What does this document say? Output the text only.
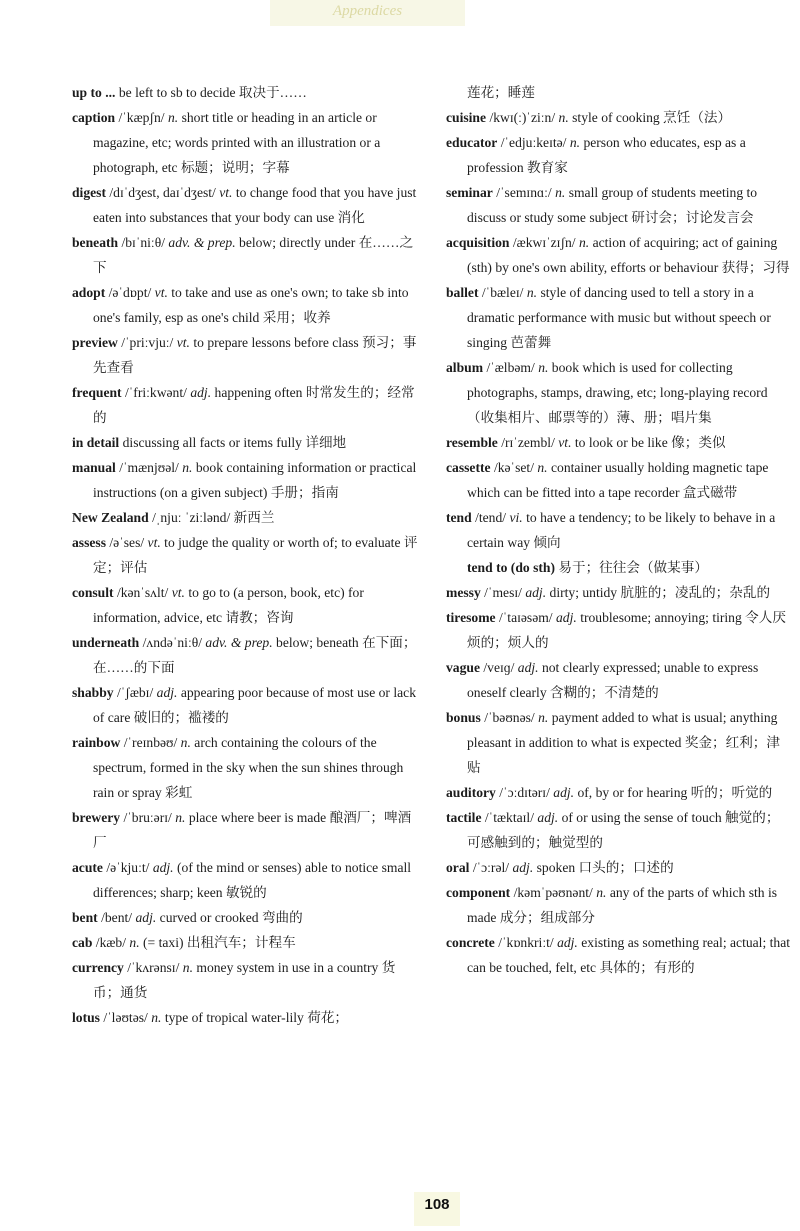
Appendices
up to ... be left to sb to decide 取决于……
caption /ˈkæpʃn/ n. short title or heading in an article or magazine, etc; words printed with an illustration or a photograph, etc 标题；说明；字幕
digest /dɪˈdʒest, daɪˈdʒest/ vt. to change food that you have just eaten into substances that your body can use 消化
beneath /bɪˈniːθ/ adv. & prep. below; directly under 在……之下
adopt /əˈdɒpt/ vt. to take and use as one's own; to take sb into one's family, esp as one's child 采用；收养
preview /ˈpriːvjuː/ vt. to prepare lessons before class 预习；事先查看
frequent /ˈfriːkwənt/ adj. happening often 时常发生的；经常的
in detail discussing all facts or items fully 详细地
manual /ˈmænjʊəl/ n. book containing information or practical instructions (on a given subject) 手册；指南
New Zealand /ˌnjuː ˈziːlənd/ 新西兰
assess /əˈses/ vt. to judge the quality or worth of; to evaluate 评定；评估
consult /kənˈsʌlt/ vt. to go to (a person, book, etc) for information, advice, etc 请教；咨询
underneath /ʌndəˈniːθ/ adv. & prep. below; beneath 在下面；在……的下面
shabby /ˈʃæbɪ/ adj. appearing poor because of most use or lack of care 破旧的；褴褛的
rainbow /ˈreɪnbəʊ/ n. arch containing the colours of the spectrum, formed in the sky when the sun shines through rain or spray 彩虹
brewery /ˈbruːərɪ/ n. place where beer is made 酿酒厂；啤酒厂
acute /əˈkjuːt/ adj. (of the mind or senses) able to notice small differences; sharp; keen 敏锐的
bent /bent/ adj. curved or crooked 弯曲的
cab /kæb/ n. (= taxi) 出租汽车；计程车
currency /ˈkʌrənsɪ/ n. money system in use in a country 货币；通货
lotus /ˈləʊtəs/ n. type of tropical water-lily 荷花；
莲花；睡莲
cuisine /kwɪ(ː)ˈziːn/ n. style of cooking 烹饪（法）
educator /ˈedjuːkeɪtə/ n. person who educates, esp as a profession 教育家
seminar /ˈsemɪnɑː/ n. small group of students meeting to discuss or study some subject 研讨会；讨论发言会
acquisition /ækwɪˈzɪʃn/ n. action of acquiring; act of gaining (sth) by one's own ability, efforts or behaviour 获得；习得
ballet /ˈbæleɪ/ n. style of dancing used to tell a story in a dramatic performance with music but without speech or singing 芭蕾舞
album /ˈælbəm/ n. book which is used for collecting photographs, stamps, drawing, etc; long-playing record （收集相片、邮票等的）薄、册；唱片集
resemble /rɪˈzembl/ vt. to look or be like 像；类似
cassette /kəˈset/ n. container usually holding magnetic tape which can be fitted into a tape recorder 盒式磁带
tend /tend/ vi. to have a tendency; to be likely to behave in a certain way 倾向
tend to (do sth) 易于；往往会（做某事）
messy /ˈmesɪ/ adj. dirty; untidy 肮脏的；凌乱的；杂乱的
tiresome /ˈtaɪəsəm/ adj. troublesome; annoying; tiring 令人厌烦的；烦人的
vague /veɪɡ/ adj. not clearly expressed; unable to express oneself clearly 含糊的；不清楚的
bonus /ˈbəʊnəs/ n. payment added to what is usual; anything pleasant in addition to what is expected 奖金；红利；津贴
auditory /ˈɔːdɪtərɪ/ adj. of, by or for hearing 听的；听觉的
tactile /ˈtæktaɪl/ adj. of or using the sense of touch 触觉的；可感触到的；触觉型的
oral /ˈɔːrəl/ adj. spoken 口头的；口述的
component /kəmˈpəʊnənt/ n. any of the parts of which sth is made 成分；组成部分
concrete /ˈkɒnkriːt/ adj. existing as something real; actual; that can be touched, felt, etc 具体的；有形的
108
